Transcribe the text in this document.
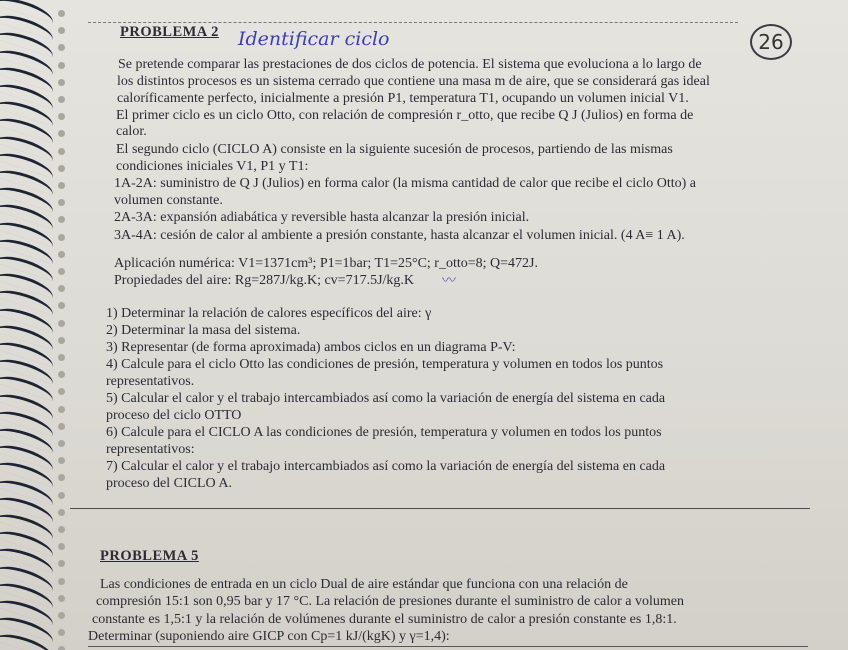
PROBLEMA 2 Identificar ciclo	26
Se pretende comparar las prestaciones de dos ciclos de potencia. El sistema que evoluciona a lo largo de
los distintos procesos es un sistema cerrado que contiene una masa m de aire, que se considerará gas ideal
caloríficamente perfecto, inicialmente a presión P1, temperatura T1, ocupando un volumen inicial V1.
El primer ciclo es un ciclo Otto, con relación de compresión r_otto, que recibe Q J (Julios) en forma de
calor.
El segundo ciclo (CICLO A) consiste en la siguiente sucesión de procesos, partiendo de las mismas
condiciones iniciales V1, P1 y T1:
1A-2A: suministro de Q J (Julios) en forma calor (la misma cantidad de calor que recibe el ciclo Otto) a
volumen constante.
2A-3A: expansión adiabática y reversible hasta alcanzar la presión inicial.
3A-4A: cesión de calor al ambiente a presión constante, hasta alcanzar el volumen inicial. (4 A≡ 1 A).
Aplicación numérica: V1=1371cm³; P1=1bar; T1=25°C; r_otto=8; Q=472J.
Propiedades del aire: Rg=287J/kg.K; cv=717.5J/kg.K	〰
1) Determinar la relación de calores específicos del aire: γ
2) Determinar la masa del sistema.
3) Representar (de forma aproximada) ambos ciclos en un diagrama P-V:
4) Calcule para el ciclo Otto las condiciones de presión, temperatura y volumen en todos los puntos
representativos.
5) Calcular el calor y el trabajo intercambiados así como la variación de energía del sistema en cada
proceso del ciclo OTTO
6) Calcule para el CICLO A las condiciones de presión, temperatura y volumen en todos los puntos
representativos:
7) Calcular el calor y el trabajo intercambiados así como la variación de energía del sistema en cada
proceso del CICLO A.
PROBLEMA 5
Las condiciones de entrada en un ciclo Dual de aire estándar que funciona con una relación de
compresión 15:1 son 0,95 bar y 17 °C. La relación de presiones durante el suministro de calor a volumen
constante es 1,5:1 y la relación de volúmenes durante el suministro de calor a presión constante es 1,8:1.
Determinar (suponiendo aire GICP con Cp=1 kJ/(kgK) y γ=1,4):
